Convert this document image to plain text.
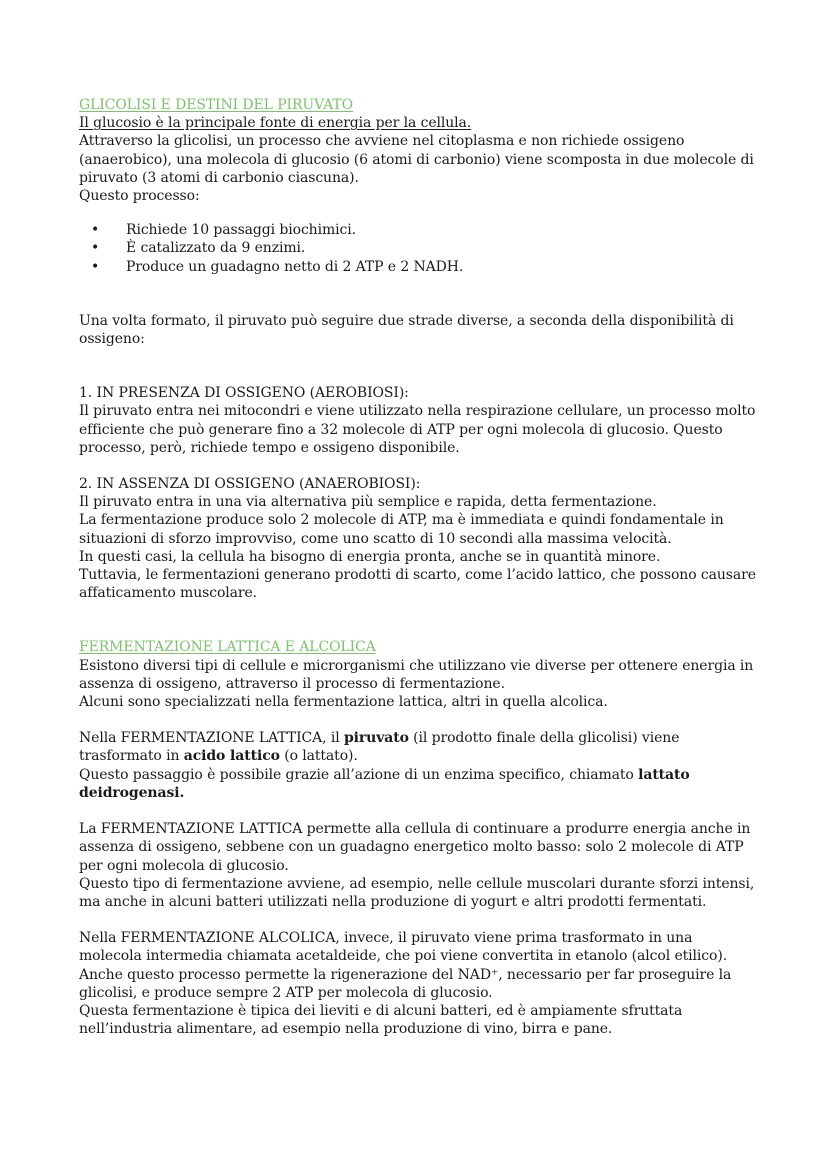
GLICOLISI E DESTINI DEL PIRUVATO

Il glucosio è la principale fonte di energia per la cellula.

Attraverso la glicolisi, un processo che avviene nel citoplasma e non richiede ossigeno (anaerobico), una molecola di glucosio (6 atomi di carbonio) viene scomposta in due molecole di piruvato (3 atomi di carbonio ciascuna).

Questo processo:

• Richiede 10 passaggi biochimici.
• È catalizzato da 9 enzimi.
• Produce un guadagno netto di 2 ATP e 2 NADH.

Una volta formato, il piruvato può seguire due strade diverse, a seconda della disponibilità di ossigeno:

1. IN PRESENZA DI OSSIGENO (AEROBIOSI):

Il piruvato entra nei mitocondri e viene utilizzato nella respirazione cellulare, un processo molto efficiente che può generare fino a 32 molecole di ATP per ogni molecola di glucosio. Questo processo, però, richiede tempo e ossigeno disponibile.

2. IN ASSENZA DI OSSIGENO (ANAEROBIOSI):

Il piruvato entra in una via alternativa più semplice e rapida, detta fermentazione.

La fermentazione produce solo 2 molecole di ATP, ma è immediata e quindi fondamentale in situazioni di sforzo improvviso, come uno scatto di 10 secondi alla massima velocità.

In questi casi, la cellula ha bisogno di energia pronta, anche se in quantità minore.

Tuttavia, le fermentazioni generano prodotti di scarto, come l’acido lattico, che possono causare affaticamento muscolare.

FERMENTAZIONE LATTICA E ALCOLICA

Esistono diversi tipi di cellule e microrganismi che utilizzano vie diverse per ottenere energia in assenza di ossigeno, attraverso il processo di fermentazione.

Alcuni sono specializzati nella fermentazione lattica, altri in quella alcolica.

Nella FERMENTAZIONE LATTICA, il piruvato (il prodotto finale della glicolisi) viene trasformato in acido lattico (o lattato).

Questo passaggio è possibile grazie all’azione di un enzima specifico, chiamato lattato deidrogenasi.

La FERMENTAZIONE LATTICA permette alla cellula di continuare a produrre energia anche in assenza di ossigeno, sebbene con un guadagno energetico molto basso: solo 2 molecole di ATP per ogni molecola di glucosio.

Questo tipo di fermentazione avviene, ad esempio, nelle cellule muscolari durante sforzi intensi, ma anche in alcuni batteri utilizzati nella produzione di yogurt e altri prodotti fermentati.

Nella FERMENTAZIONE ALCOLICA, invece, il piruvato viene prima trasformato in una molecola intermedia chiamata acetaldeide, che poi viene convertita in etanolo (alcol etilico).

Anche questo processo permette la rigenerazione del NAD⁺, necessario per far proseguire la glicolisi, e produce sempre 2 ATP per molecola di glucosio.

Questa fermentazione è tipica dei lieviti e di alcuni batteri, ed è ampiamente sfruttata nell’industria alimentare, ad esempio nella produzione di vino, birra e pane.
